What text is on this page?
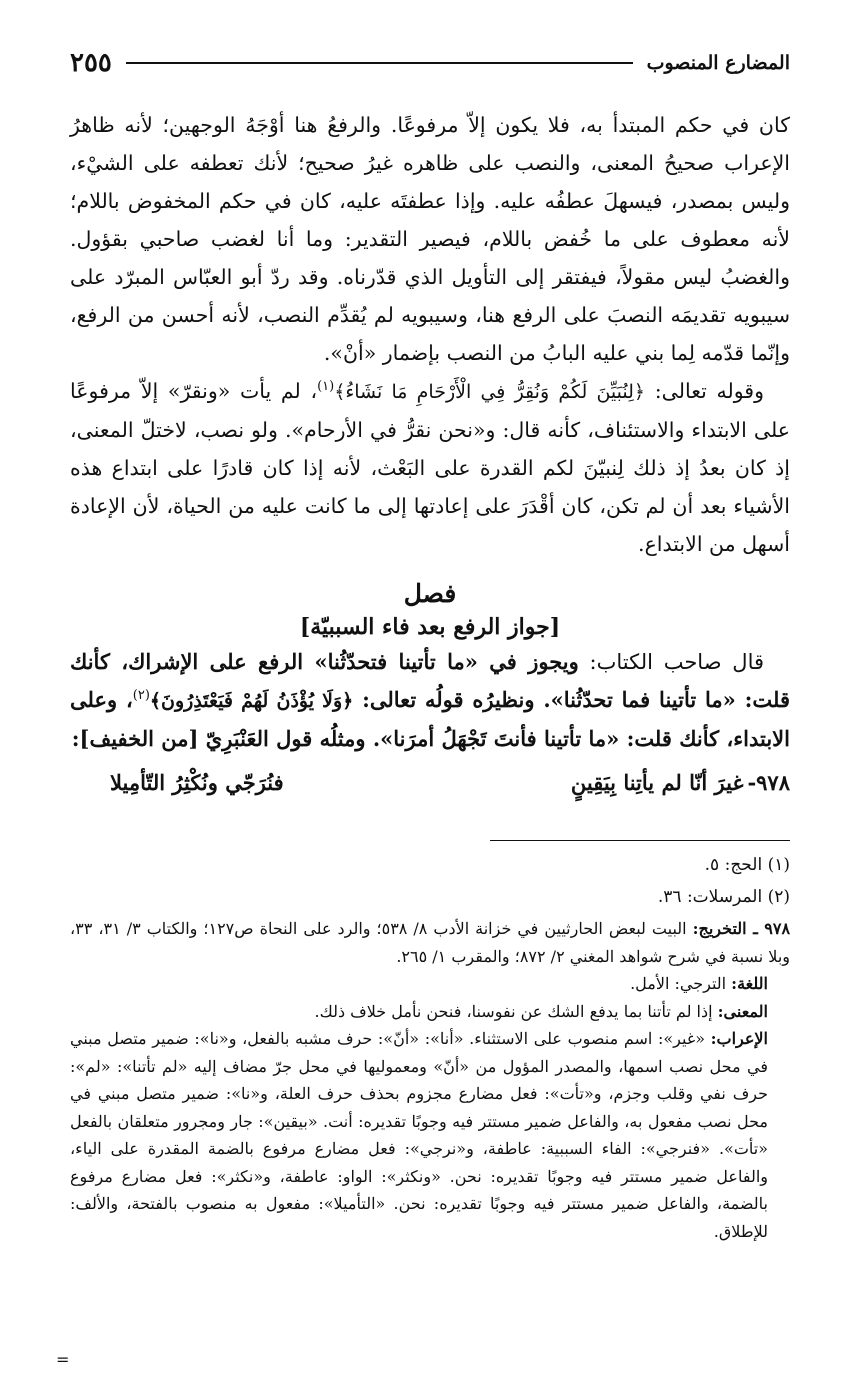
المضارع المنصوب
٢٥٥

كان في حكم المبتدأ به، فلا يكون إلاّ مرفوعًا. والرفعُ هنا أوْجَهُ الوجهين؛ لأنه ظاهرُ الإعراب صحيحُ المعنى، والنصب على ظاهره غيرُ صحيح؛ لأنك تعطفه على الشيْء، وليس بمصدر، فيسهلَ عطفُه عليه. وإذا عطفتَه عليه، كان في حكم المخفوض باللام؛ لأنه معطوف على ما خُفض باللام، فيصير التقدير: وما أنا لغضب صاحبي بقؤول. والغضبُ ليس مقولاً، فيفتقر إلى التأويل الذي قدّرناه. وقد ردّ أبو العبّاس المبرّد على سيبويه تقديمَه النصبَ على الرفع هنا، وسيبويه لم يُقدِّم النصب، لأنه أحسن من الرفع، وإنّما قدّمه لِما بني عليه البابُ من النصب بإضمار «أنْ».

وقوله تعالى: ﴿لِنُبَيِّنَ لَكُمْ وَنُقِرُّ فِي الْأَرْحَامِ مَا نَشَاءُ﴾$^{(١)}$، لم يأت «ونقرّ» إلاّ مرفوعًا على الابتداء والاستئناف، كأنه قال: و«نحن نقرُّ في الأرحام». ولو نصب، لاختلّ المعنى، إذ كان بعدُ إذ ذلك لِنبيّنَ لكم القدرة على البَعْث، لأنه إذا كان قادرًا على ابتداع هذه الأشياء بعد أن لم تكن، كان أقْدَرَ على إعادتها إلى ما كانت عليه من الحياة، لأن الإعادة أسهل من الابتداع.

فصل
[جواز الرفع بعد فاء السببيّة]

قال صاحب الكتاب: ويجوز في «ما تأتينا فتحدّثُنا» الرفع على الإشراك، كأنك قلت: «ما تأتينا فما تحدّثُنا». ونظيرُه قولُه تعالى: ﴿وَلَا يُؤْذَنُ لَهُمْ فَيَعْتَذِرُونَ﴾$^{(٢)}$، وعلى الابتداء، كأنك قلت: «ما تأتينا فأنتَ تَجْهَلُ أمرَنا». ومثلُه قول العَنْبَرِيّ [من الخفيف]:

٩٧٨-غيرَ أنّا لم يأتِنا بِيَقِينٍ
فنُرَجّي ونُكْثِرُ التّأمِيلا

(١) الحج: ٥.

(٢) المرسلات: ٣٦.

٩٧٨ ـ التخريج: البيت لبعض الحارثيين في خزانة الأدب ٨/ ٥٣٨؛ والرد على النحاة ص١٢٧؛ والكتاب ٣/ ٣١، ٣٣، وبلا نسبة في شرح شواهد المغني ٢/ ٨٧٢؛ والمقرب ١/ ٢٦٥.

اللغة: الترجي: الأمل.

المعنى: إذا لم تأتنا بما يدفع الشك عن نفوسنا، فنحن نأمل خلاف ذلك.

الإعراب: «غير»: اسم منصوب على الاستثناء. «أنا»: «أنّ»: حرف مشبه بالفعل، و«نا»: ضمير متصل مبني في محل نصب اسمها، والمصدر المؤول من «أنّ» ومعموليها في محل جرّ مضاف إليه «لم تأتنا»: «لم»: حرف نفي وقلب وجزم، و«تأت»: فعل مضارع مجزوم بحذف حرف العلة، و«نا»: ضمير متصل مبني في محل نصب مفعول به، والفاعل ضمير مستتر فيه وجوبًا تقديره: أنت. «بيقين»: جار ومجرور متعلقان بالفعل «تأت». «فنرجي»: الفاء السببية: عاطفة، و«نرجي»: فعل مضارع مرفوع بالضمة المقدرة على الياء، والفاعل ضمير مستتر فيه وجوبًا تقديره: نحن. «ونكثر»: الواو: عاطفة، و«نكثر»: فعل مضارع مرفوع بالضمة، والفاعل ضمير مستتر فيه وجوبًا تقديره: نحن. «التأميلا»: مفعول به منصوب بالفتحة، والألف: للإطلاق.

=
